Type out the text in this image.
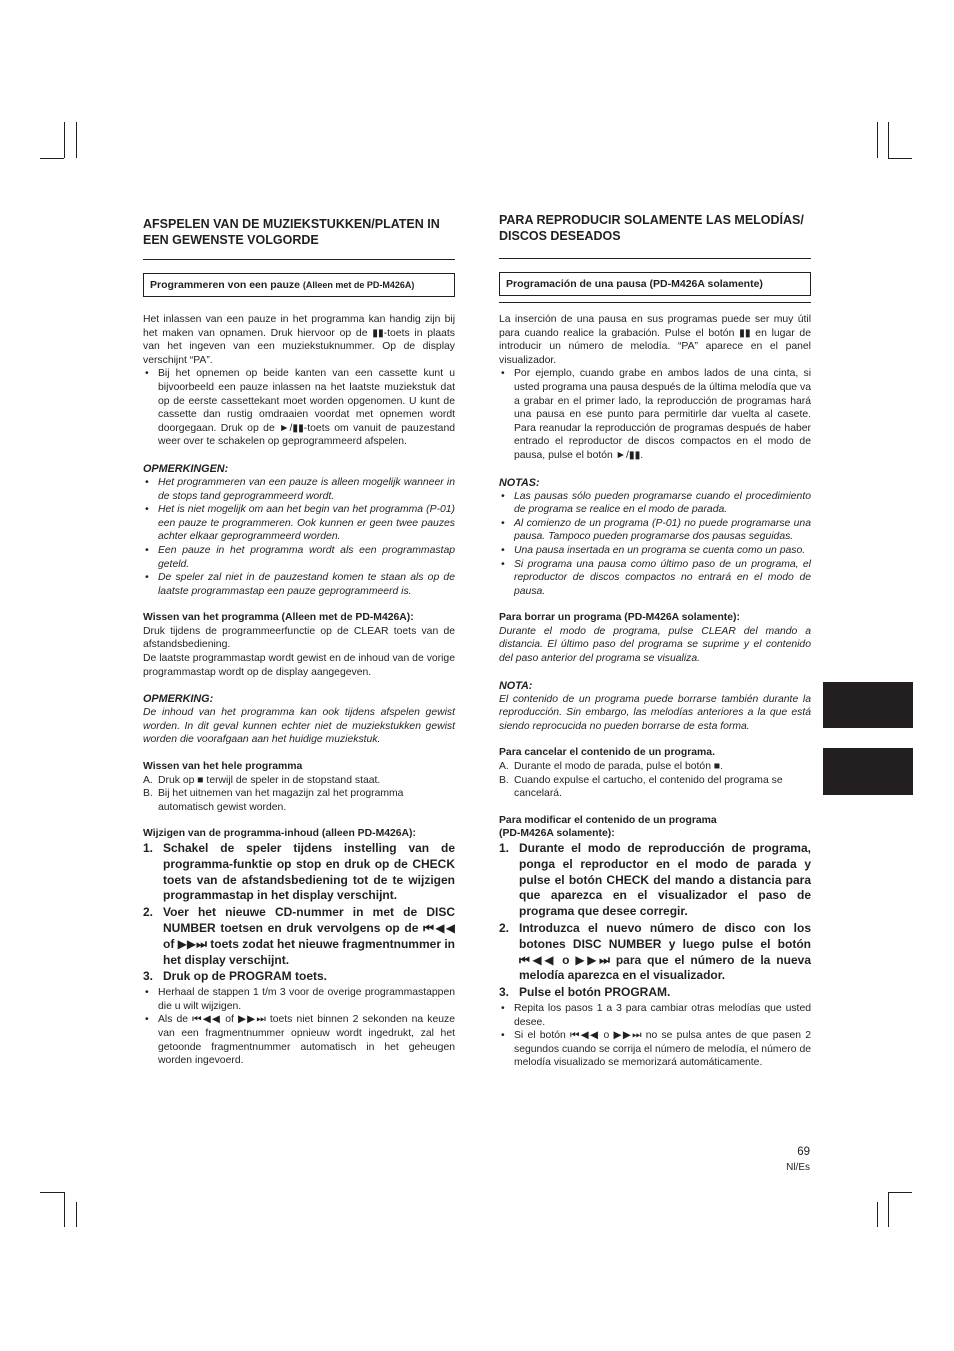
AFSPELEN VAN DE MUZIEKSTUKKEN/PLATEN IN EEN GEWENSTE VOLGORDE
Programmeren von een pauze (Alleen met de PD-M426A)

Het inlassen van een pauze in het programma kan handig zijn bij het maken van opnamen. Druk hiervoor op de ▮▮-toets in plaats van het ingeven van een muziekstuknummer. Op de display verschijnt “PA”.

• Bij het opnemen op beide kanten van een cassette kunt u bijvoorbeeld een pauze inlassen na het laatste muziekstuk dat op de eerste cassettekant moet worden opgenomen. U kunt de cassette dan rustig omdraaien voordat met opnemen wordt doorgegaan. Druk op de ►/▮▮-toets om vanuit de pauzestand weer over te schakelen op geprogrammeerd afspelen.

OPMERKINGEN:

• Het programmeren van een pauze is alleen mogelijk wanneer in de stops tand geprogrammeerd wordt.
• Het is niet mogelijk om aan het begin van het programma (P-01) een pauze te programmeren. Ook kunnen er geen twee pauzes achter elkaar geprogrammeerd worden.
• Een pauze in het programma wordt als een programmastap geteld.
• De speler zal niet in de pauzestand komen te staan als op de laatste programmastap een pauze geprogrammeerd is.

Wissen van het programma (Alleen met de PD-M426A):

Druk tijdens de programmeerfunctie op de CLEAR toets van de afstandsbediening.

De laatste programmastap wordt gewist en de inhoud van de vorige programmastap wordt op de display aangegeven.

OPMERKING:

De inhoud van het programma kan ook tijdens afspelen gewist worden. In dit geval kunnen echter niet de muziekstukken gewist worden die voorafgaan aan het huidige muziekstuk.

Wissen van het hele programma

A. Druk op ■ terwijl de speler in de stopstand staat.
B. Bij het uitnemen van het magazijn zal het programma automatisch gewist worden.

Wijzigen van de programma-inhoud (alleen PD-M426A):

1. Schakel de speler tijdens instelling van de programma-funktie op stop en druk op de CHECK toets van de afstandsbediening tot de te wijzigen programmastap in het display verschijnt.
2. Voer het nieuwe CD-nummer in met de DISC NUMBER toetsen en druk vervolgens op de ⏮◀◀ of ▶▶⏭ toets zodat het nieuwe fragmentnummer in het display verschijnt.
3. Druk op de PROGRAM toets.
• Herhaal de stappen 1 t/m 3 voor de overige programmastappen die u wilt wijzigen.
• Als de ⏮◀◀ of ▶▶⏭ toets niet binnen 2 sekonden na keuze van een fragmentnummer opnieuw wordt ingedrukt, zal het getoonde fragmentnummer automatisch in het geheugen worden ingevoerd.
PARA REPRODUCIR SOLAMENTE LAS MELODÍAS/ DISCOS DESEADOS
Programación de una pausa (PD-M426A solamente)

La inserción de una pausa en sus programas puede ser muy útil para cuando realice la grabación. Pulse el botón ▮▮ en lugar de introducir un número de melodía. “PA” aparece en el panel visualizador.

• Por ejemplo, cuando grabe en ambos lados de una cinta, si usted programa una pausa después de la última melodía que va a grabar en el primer lado, la reproducción de programas hará una pausa en ese punto para permitirle dar vuelta al casete. Para reanudar la reproducción de programas después de haber entrado el reproductor de discos compactos en el modo de pausa, pulse el botón ►/▮▮.

NOTAS:

• Las pausas sólo pueden programarse cuando el procedimiento de programa se realice en el modo de parada.
• Al comienzo de un programa (P-01) no puede programarse una pausa. Tampoco pueden programarse dos pausas seguidas.
• Una pausa insertada en un programa se cuenta como un paso.
• Si programa una pausa como último paso de un programa, el reproductor de discos compactos no entrará en el modo de pausa.

Para borrar un programa (PD-M426A solamente):

Durante el modo de programa, pulse CLEAR del mando a distancia. El último paso del programa se suprime y el contenido del paso anterior del programa se visualiza.

NOTA:

El contenido de un programa puede borrarse también durante la reproducción. Sin embargo, las melodías anteriores a la que está siendo reprocucida no pueden borrarse de esta forma.

Para cancelar el contenido de un programa.

A. Durante el modo de parada, pulse el botón ■.
B. Cuando expulse el cartucho, el contenido del programa se cancelará.

Para modificar el contenido de un programa

(PD-M426A solamente):

1. Durante el modo de reproducción de programa, ponga el reproductor en el modo de parada y pulse el botón CHECK del mando a distancia para que aparezca en el visualizador el paso de programa que desee corregir.
2. Introduzca el nuevo número de disco con los botones DISC NUMBER y luego pulse el botón ⏮◀◀ o ▶▶⏭ para que el número de la nueva melodía aparezca en el visualizador.
3. Pulse el botón PROGRAM.
• Repita los pasos 1 a 3 para cambiar otras melodías que usted desee.
• Si el botón ⏮◀◀ o ▶▶⏭ no se pulsa antes de que pasen 2 segundos cuando se corrija el número de melodía, el número de melodía visualizado se memorizará automáticamente.
69
Nl/Es
